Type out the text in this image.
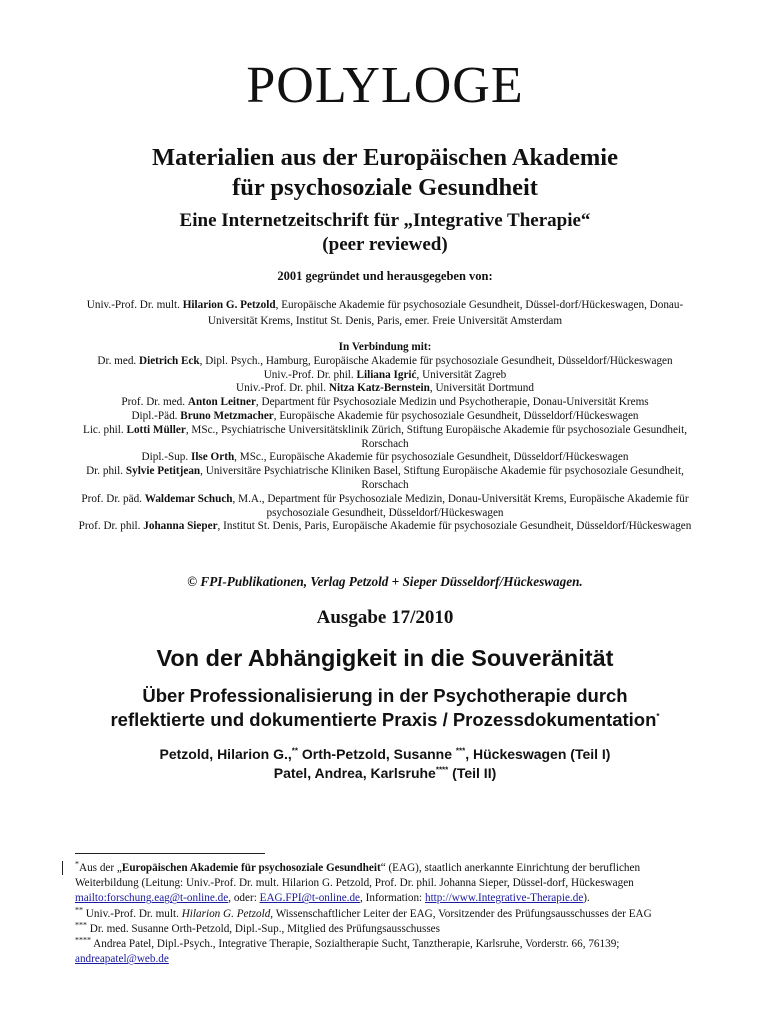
POLYLOGE
Materialien aus der Europäischen Akademie
für psychosoziale Gesundheit
Eine Internetzeitschrift für „Integrative Therapie“
(peer reviewed)
2001 gegründet und herausgegeben von:
Univ.-Prof. Dr. mult. Hilarion G. Petzold, Europäische Akademie für psychosoziale Gesundheit, Düssel-dorf/Hückeswagen, Donau-Universität Krems, Institut St. Denis, Paris, emer. Freie Universität Amsterdam
In Verbindung mit:
Dr. med. Dietrich Eck, Dipl. Psych., Hamburg, Europäische Akademie für psychosoziale Gesundheit, Düsseldorf/Hückeswagen
Univ.-Prof. Dr. phil. Liliana Igrić, Universität Zagreb
Univ.-Prof. Dr. phil. Nitza Katz-Bernstein, Universität Dortmund
Prof. Dr. med. Anton Leitner, Department für Psychosoziale Medizin und Psychotherapie, Donau-Universität Krems
Dipl.-Päd. Bruno Metzmacher, Europäische Akademie für psychosoziale Gesundheit, Düsseldorf/Hückeswagen
Lic. phil. Lotti Müller, MSc., Psychiatrische Universitätsklinik Zürich, Stiftung Europäische Akademie für psychosoziale Gesundheit, Rorschach
Dipl.-Sup. Ilse Orth, MSc., Europäische Akademie für psychosoziale Gesundheit, Düsseldorf/Hückeswagen
Dr. phil. Sylvie Petitjean, Universitäre Psychiatrische Kliniken Basel, Stiftung Europäische Akademie für psychosoziale Gesundheit, Rorschach
Prof. Dr. päd. Waldemar Schuch, M.A., Department für Psychosoziale Medizin, Donau-Universität Krems, Europäische Akademie für psychosoziale Gesundheit, Düsseldorf/Hückeswagen
Prof. Dr. phil. Johanna Sieper, Institut St. Denis, Paris, Europäische Akademie für psychosoziale Gesundheit, Düsseldorf/Hückeswagen
© FPI-Publikationen, Verlag Petzold + Sieper Düsseldorf/Hückeswagen.
Ausgabe 17/2010
Von der Abhängigkeit in die Souveränität
Über Professionalisierung in der Psychotherapie durch
reflektierte und dokumentierte Praxis / Prozessdokumentation*
Petzold, Hilarion G.,** Orth-Petzold, Susanne ***, Hückeswagen (Teil I)
Patel, Andrea, Karlsruhe**** (Teil II)

*Aus der „Europäischen Akademie für psychosoziale Gesundheit“ (EAG), staatlich anerkannte Einrichtung der beruflichen Weiterbildung (Leitung: Univ.-Prof. Dr. mult. Hilarion G. Petzold, Prof. Dr. phil. Johanna Sieper, Düssel-dorf, Hückeswagen mailto:forschung.eag@t-online.de, oder: EAG.FPI@t-online.de, Information: http://www.Integrative-Therapie.de).

** Univ.-Prof. Dr. mult. Hilarion G. Petzold, Wissenschaftlicher Leiter der EAG, Vorsitzender des Prüfungsausschusses der EAG

*** Dr. med. Susanne Orth-Petzold, Dipl.-Sup., Mitglied des Prüfungsausschusses

**** Andrea Patel, Dipl.-Psych., Integrative Therapie, Sozialtherapie Sucht, Tanztherapie, Karlsruhe, Vorderstr. 66, 76139; andreapatel@web.de
